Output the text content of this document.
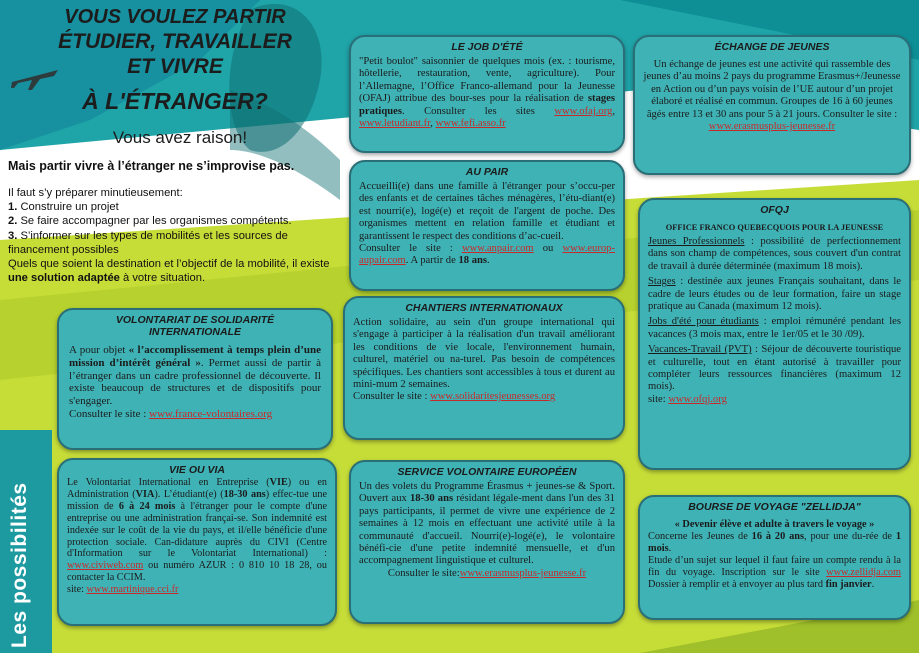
VOUS VOULEZ PARTIR
ÉTUDIER, TRAVAILLER
ET VIVRE
À L'ÉTRANGER?
Vous avez raison!
Mais partir vivre à l’étranger ne s’improvise pas.
Il faut s’y préparer minutieusement:
1. Construire un projet
2. Se faire accompagner par les organismes compétents.
3. S’informer sur les types de mobilités et les sources de financement possibles
Quels que soient la destination et l’objectif de la mobilité, il existe une solution adaptée à votre situation.
Les possibilités
LE JOB D'ÉTÉ
"Petit boulot" saisonnier de quelques mois (ex. : tourisme, hôtellerie, restauration, vente, agriculture). Pour l’Allemagne, l’Office Franco-allemand pour la Jeunesse (OFAJ) attribue des bour-ses pour la réalisation de stages pratiques. Consulter les sites www.ofaj.org, www.letudiant.fr, www.fefi.asso.fr
AU PAIR
Accueilli(e) dans une famille à l'étranger pour s’occu-per des enfants et de certaines tâches ménagères, l’étu-diant(e) est nourri(e), logé(e) et reçoit de l'argent de poche. Des organismes mettent en relation famille et étudiant et garantissent le respect des conditions d’ac-cueil.
Consulter le site : www.anpair.com ou www.europ-aupair.com. A partir de 18 ans.
CHANTIERS INTERNATIONAUX
Action solidaire, au sein d'un groupe international qui s'engage à participer à la réalisation d'un travail améliorant les conditions de vie locale, l'environnement humain, culturel, matériel ou na-turel. Pas besoin de compétences spécifiques. Les chantiers sont accessibles à tous et durent au mini-mum 2 semaines.
Consulter le site : www.solidaritesjeunesses.org
SERVICE VOLONTAIRE EUROPÉEN
Un des volets du Programme Érasmus + jeunes-se & Sport. Ouvert aux 18-30 ans résidant légale-ment dans l'un des 31 pays participants, il permet de vivre une expérience de 2 semaines à 12 mois en effectuant une activité utile à la communauté d'accueil. Nourri(e)-logé(e), le volontaire bénéfi-cie d'une petite indemnité mensuelle, et d'un accompagnement linguistique et culturel.

Consulter le site:www.erasmusplus-jeunesse.fr
ÉCHANGE DE JEUNES
Un échange de jeunes est une activité qui rassemble des jeunes d’au moins 2 pays du programme Erasmus+/Jeunesse en Action ou d’un pays voisin de l’UE autour d’un projet élaboré et réalisé en commun. Groupes de 16 à 60 jeunes âgés entre 13 et 30 ans pour 5 à 21 jours. Consulter le site : www.erasmusplus-jeunesse.fr
OFQJ
OFFICE FRANCO QUEBECQUOIS POUR LA JEUNESSE
Jeunes Professionnels : possibilité de perfectionnement dans son champ de compétences, sous couvert d'un contrat de travail à durée déterminée (maximum 18 mois).
Stages : destinée aux jeunes Français souhaitant, dans le cadre de leurs études ou de leur formation, faire un stage pratique au Canada (maximum 12 mois).
Jobs d'été pour étudiants : emploi rémunéré pendant les vacances (3 mois max, entre le 1er/05 et le 30 /09).
Vacances-Travail (PVT) : Séjour de découverte touristique et culturelle, tout en étant autorisé à travailler pour compléter leurs ressources financières (maximum 12 mois).
site: www.ofqj.org
VOLONTARIAT DE SOLIDARITÉ
INTERNATIONALE
A pour objet « l’accomplissement à temps plein d’une mission d’intérêt général ». Permet aussi de partir à l’étranger dans un cadre professionnel de découverte. Il existe beaucoup de structures et de dispositifs pour s'engager.
Consulter le site : www.france-volontaires.org
VIE OU VIA
Le Volontariat International en Entreprise (VIE) ou en Administration (VIA). L’étudiant(e) (18-30 ans) effec-tue une mission de 6 à 24 mois à l'étranger pour le compte d'une entreprise ou une administration françai-se. Son indemnité est indexée sur le coût de la vie du pays, et il/elle bénéficie d'une protection sociale. Can-didature auprès du CIVI (Centre d'Information sur le Volontariat International) : www.civiweb.com ou numéro AZUR : 0 810 10 18 28, ou contacter la CCIM.
site: www.martinique.cci.fr
BOURSE DE VOYAGE "ZELLIDJA"
« Devenir élève et adulte à travers le voyage »
Concerne les Jeunes de 16 à 20 ans, pour une du-rée de 1 mois.
Etude d’un sujet sur lequel il faut faire un compte rendu à la fin du voyage. Inscription sur le site www.zellidja.com Dossier à remplir et à envoyer au plus tard fin janvier.
